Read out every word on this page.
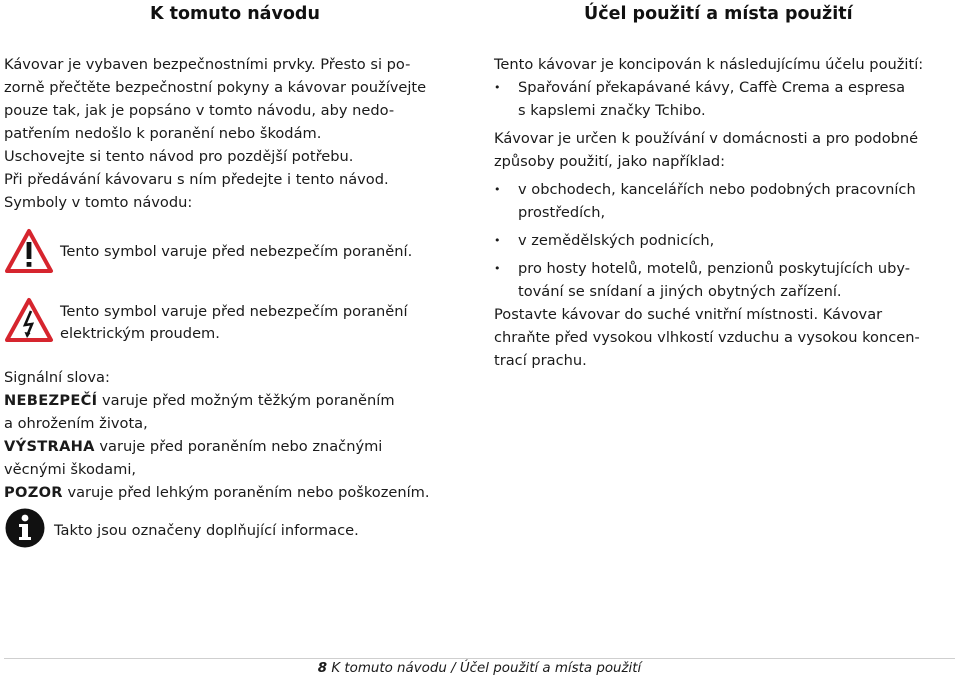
K tomuto návodu

Kávovar je vybaven bezpečnostními prvky. Přesto si po-

zorně přečtěte bezpečnostní pokyny a kávovar používejte

pouze tak, jak je popsáno v tomto návodu, aby nedo-

patřením nedošlo k poranění nebo škodám.

Uschovejte si tento návod pro pozdější potřebu.

Při předávání kávovaru s ním předejte i tento návod.

Symboly v tomto návodu:

Tento symbol varuje před nebezpečím poranění.
Tento symbol varuje před nebezpečím poranění
elektrickým proudem.

Signální slova:

NEBEZPEČÍ varuje před možným těžkým poraněním

a ohrožením života,

VÝSTRAHA varuje před poraněním nebo značnými

věcnými škodami,

POZOR varuje před lehkým poraněním nebo poškozením.

Takto jsou označeny doplňující informace.
Účel použití a místa použití

Tento kávovar je koncipován k následujícímu účelu použití:

• Spařování překapávané kávy, Caffè Crema a espresa
s kapslemi značky Tchibo.

Kávovar je určen k používání v domácnosti a pro podobné

způsoby použití, jako například:

• v obchodech, kancelářích nebo podobných pracovních
prostředích,
• v zemědělských podnicích,
• pro hosty hotelů, motelů, penzionů poskytujících uby-
tování se snídaní a jiných obytných zařízení.

Postavte kávovar do suché vnitřní místnosti. Kávovar

chraňte před vysokou vlhkostí vzduchu a vysokou koncen-

trací prachu.

8 K tomuto návodu / Účel použití a místa použití
